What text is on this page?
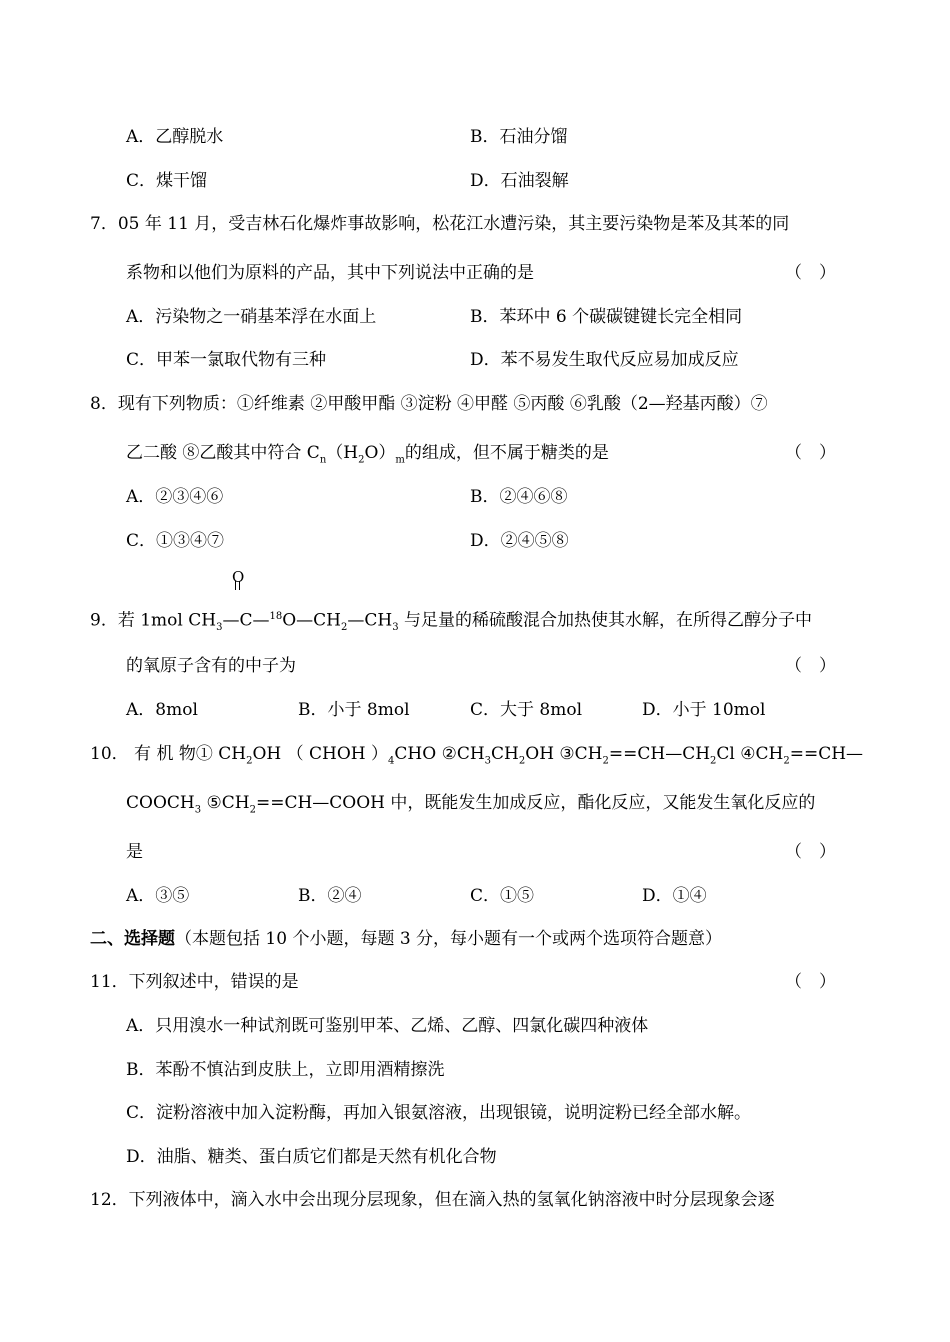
A．乙醇脱水	B．石油分馏
C．煤干馏	D．石油裂解
7．05 年 11 月，受吉林石化爆炸事故影响，松花江水遭污染，其主要污染物是苯及其苯的同
系物和以他们为原料的产品，其中下列说法中正确的是	（　）
A．污染物之一硝基苯浮在水面上	B．苯环中 6 个碳碳键键长完全相同
C．甲苯一氯取代物有三种	D．苯不易发生取代反应易加成反应
8．现有下列物质：①纤维素 ②甲酸甲酯 ③淀粉 ④甲醛 ⑤丙酸 ⑥乳酸（2—羟基丙酸）⑦
乙二酸 ⑧乙酸其中符合 $C_n(H_2O)_m$的组成，但不属于糖类的是	（　）
A．②③④⑥	B．②④⑥⑧
C．①③④⑦	D．②④⑤⑧
O
9．若 1mol $CH_3—C—^{18}O—CH_2—CH_3$ 与足量的稀硫酸混合加热使其水解，在所得乙醇分子中
的氧原子含有的中子为	（　）
A．8mol	B．小于 8mol	C．大于 8mol	D．小于 10mol
10． 有 机 物① $CH_2OH$ （ CHOH ）$_4CHO$ $②CH_3CH_2OH$ $③CH_2==CH—CH_2Cl$ $④CH_2==CH—$
$COOCH_3$ $⑤CH_2==CH—COOH$ 中，既能发生加成反应，酯化反应，又能发生氧化反应的
是	（　）
A．③⑤	B．②④	C．①⑤	D．①④
二、选择题（本题包括 10 个小题，每题 3 分，每小题有一个或两个选项符合题意）
11．下列叙述中，错误的是	（　）
A．只用溴水一种试剂既可鉴别甲苯、乙烯、乙醇、四氯化碳四种液体
B．苯酚不慎沾到皮肤上，立即用酒精擦洗
C．淀粉溶液中加入淀粉酶，再加入银氨溶液，出现银镜，说明淀粉已经全部水解。
D．油脂、糖类、蛋白质它们都是天然有机化合物
12．下列液体中，滴入水中会出现分层现象，但在滴入热的氢氧化钠溶液中时分层现象会逐
